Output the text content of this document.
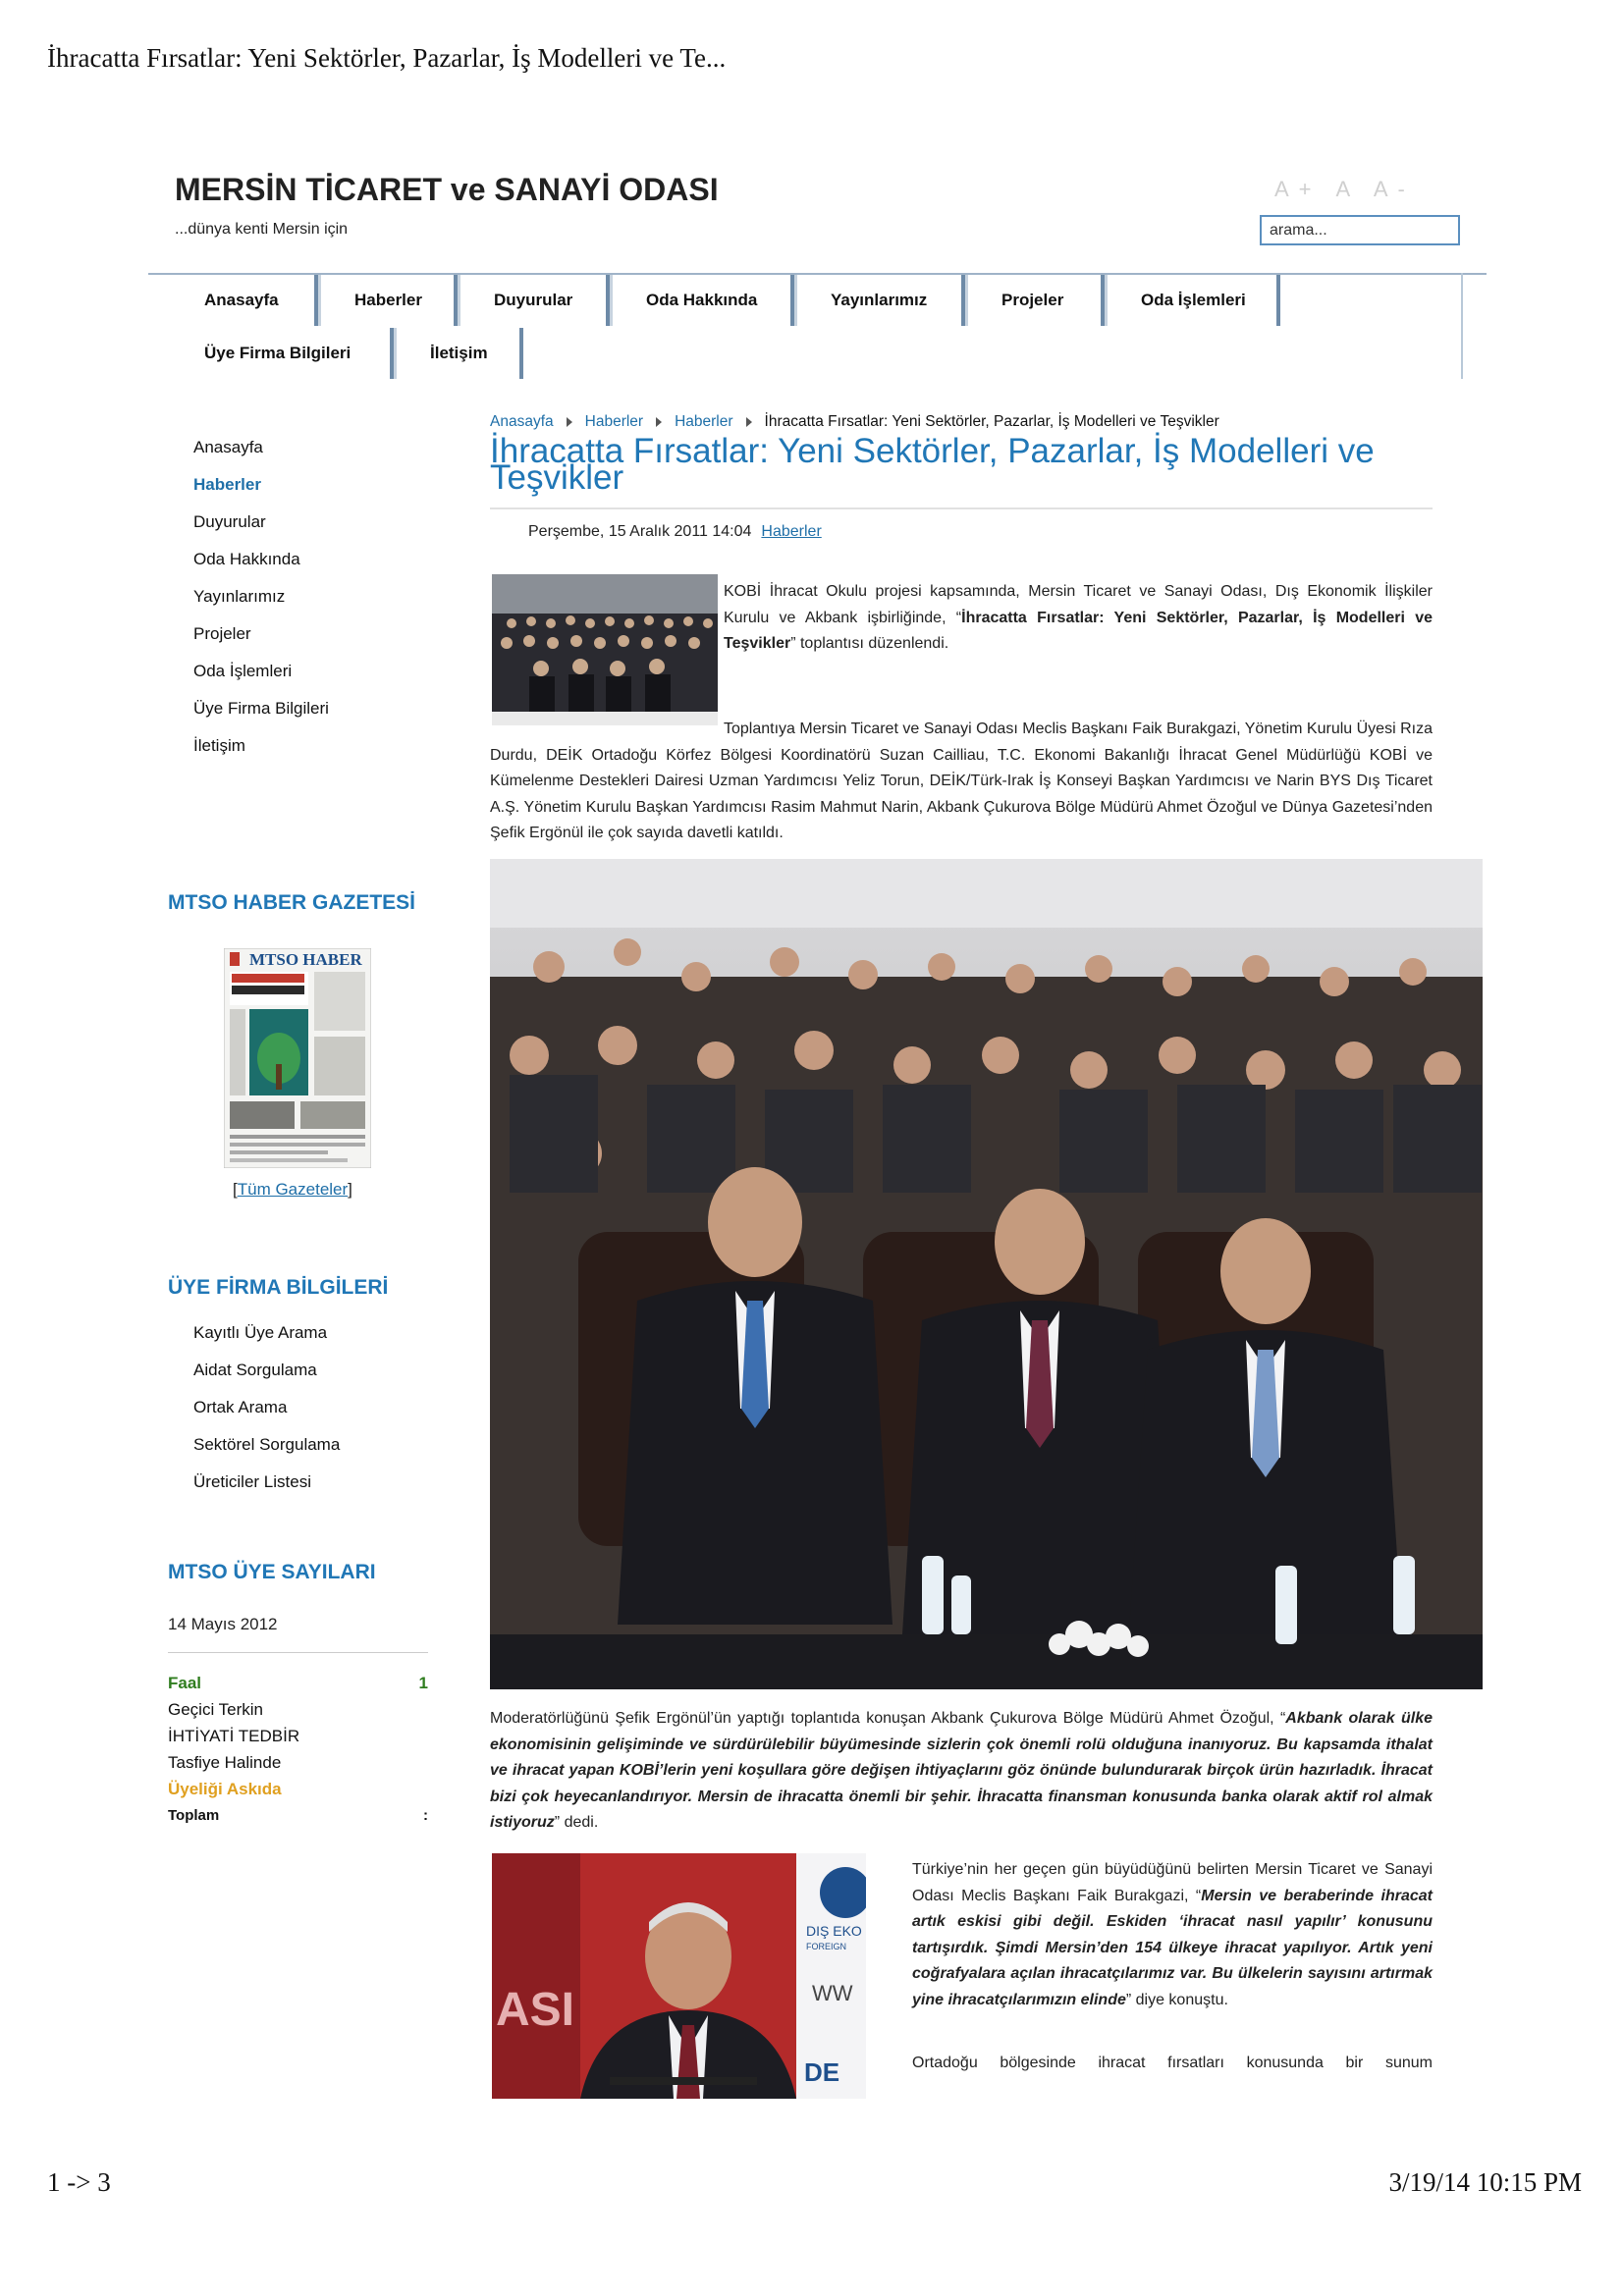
İhracatta Fırsatlar: Yeni Sektörler, Pazarlar, İş Modelleri ve Te...
1 -> 3	3/19/14 10:15 PM
MERSİN TİCARET ve SANAYİ ODASI
...dünya kenti Mersin için
A+ A A-
arama...
Anasayfa	Haberler	Duyurular	Oda Hakkında	Yayınlarımız	Projeler	Oda İşlemleri
Üye Firma Bilgileri	İletişim
Anasayfa
Haberler
Duyurular
Oda Hakkında
Yayınlarımız
Projeler
Oda İşlemleri
Üye Firma Bilgileri
İletişim
MTSO HABER GAZETESİ
MTSO HABER
[Tüm Gazeteler]
ÜYE FİRMA BİLGİLERİ
Kayıtlı Üye Arama
Aidat Sorgulama
Ortak Arama
Sektörel Sorgulama
Üreticiler Listesi
MTSO ÜYE SAYILARI
14 Mayıs 2012
Faal	1
Geçici Terkin
İHTİYATİ TEDBİR
Tasfiye Halinde
Üyeliği Askıda
Toplam	:
Anasayfa Haberler Haberler İhracatta Fırsatlar: Yeni Sektörler, Pazarlar, İş Modelleri ve Teşvikler
İhracatta Fırsatlar: Yeni Sektörler, Pazarlar, İş Modelleri ve Teşvikler
Perşembe, 15 Aralık 2011 14:04 Haberler
KOBİ İhracat Okulu projesi kapsamında, Mersin Ticaret ve Sanayi Odası, Dış Ekonomik İlişkiler Kurulu ve Akbank işbirliğinde, “İhracatta Fırsatlar: Yeni Sektörler, Pazarlar, İş Modelleri ve Teşvikler” toplantısı düzenlendi.
Toplantıya Mersin Ticaret ve Sanayi Odası Meclis Başkanı Faik Burakgazi, Yönetim Kurulu Üyesi Rıza Durdu, DEİK Ortadoğu Körfez Bölgesi Koordinatörü Suzan Cailliau, T.C. Ekonomi Bakanlığı İhracat Genel Müdürlüğü KOBİ ve Kümelenme Destekleri Dairesi Uzman Yardımcısı Yeliz Torun, DEİK/Türk-Irak İş Konseyi Başkan Yardımcısı ve Narin BYS Dış Ticaret A.Ş. Yönetim Kurulu Başkan Yardımcısı Rasim Mahmut Narin, Akbank Çukurova Bölge Müdürü Ahmet Özoğul ve Dünya Gazetesi’nden Şefik Ergönül ile çok sayıda davetli katıldı.
Moderatörlüğünü Şefik Ergönül’ün yaptığı toplantıda konuşan Akbank Çukurova Bölge Müdürü Ahmet Özoğul, “Akbank olarak ülke ekonomisinin gelişiminde ve sürdürülebilir büyümesinde sizlerin çok önemli rolü olduğuna inanıyoruz. Bu kapsamda ithalat ve ihracat yapan KOBİ’lerin yeni koşullara göre değişen ihtiyaçlarını göz önünde bulundurarak birçok ürün hazırladık. İhracat bizi çok heyecanlandırıyor. Mersin de ihracatta önemli bir şehir. İhracatta finansman konusunda banka olarak aktif rol almak istiyoruz” dedi.
ASI
DIŞ EKO
FOREIGN
WW
DE
Türkiye’nin her geçen gün büyüdüğünü belirten Mersin Ticaret ve Sanayi Odası Meclis Başkanı Faik Burakgazi, “Mersin ve beraberinde ihracat artık eskisi gibi değil. Eskiden ‘ihracat nasıl yapılır’ konusunu tartışırdık. Şimdi Mersin’den 154 ülkeye ihracat yapılıyor. Artık yeni coğrafyalara açılan ihracatçılarımız var. Bu ülkelerin sayısını artırmak yine ihracatçılarımızın elinde” diye konuştu.
Ortadoğu bölgesinde ihracat fırsatları konusunda bir sunum
